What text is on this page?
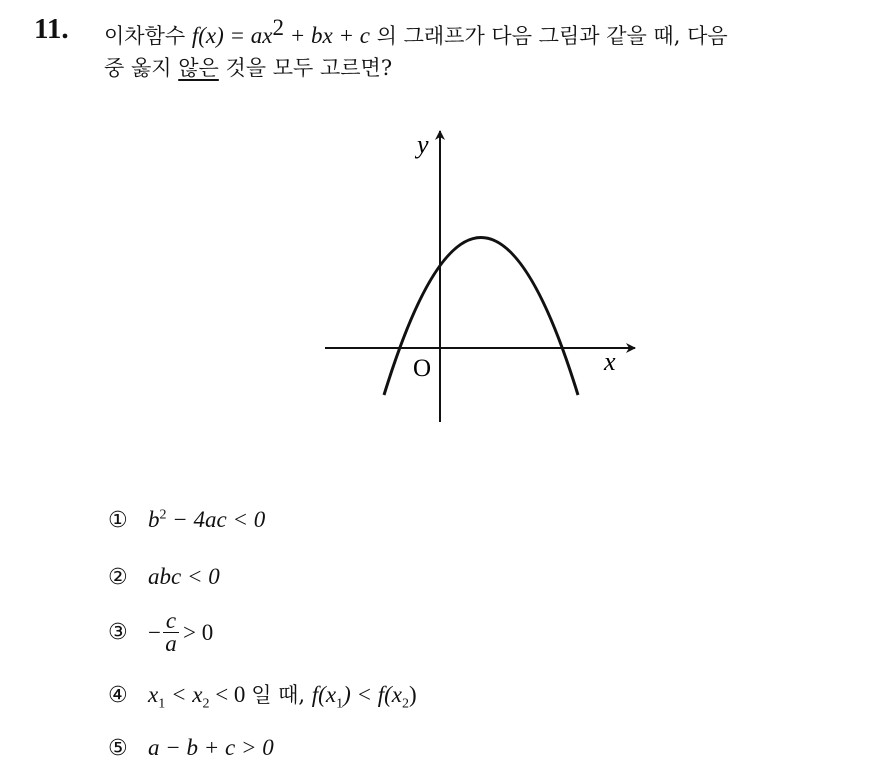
11. 이차함수 $f(x) = ax^2$ + bx + c 의 그래프가 다음 그림과 같을 때, 다음
중 옳지 않은 것을 모두 고르면?
y
x
O
① $b^2 - 4ac < 0$
② abc < 0
③ − $\frac{c}{a} > 0$
④ $x_1 < x_2 < 0$ 일 때, $f(x_1) < f(x_2)$
⑤ a − b + c > 0
